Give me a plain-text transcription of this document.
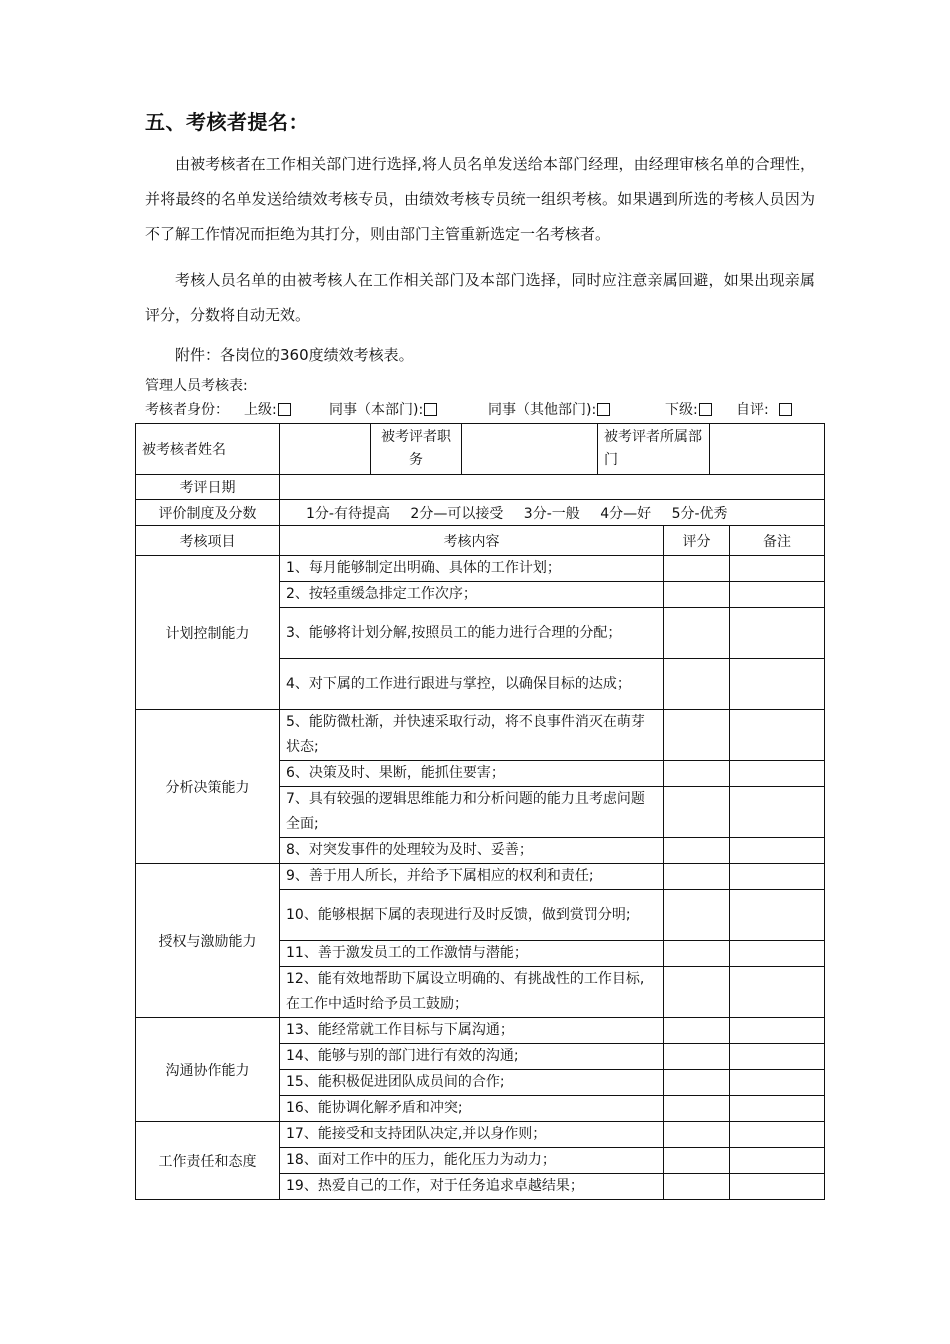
五、考核者提名：
由被考核者在工作相关部门进行选择,将人员名单发送给本部门经理，由经理审核名单的合理性，并将最终的名单发送给绩效考核专员，由绩效考核专员统一组织考核。如果遇到所选的考核人员因为不了解工作情况而拒绝为其打分，则由部门主管重新选定一名考核者。
考核人员名单的由被考核人在工作相关部门及本部门选择，同时应注意亲属回避，如果出现亲属评分，分数将自动无效。
附件：各岗位的360度绩效考核表。
管理人员考核表:
考核者身份： 上级:	同事（本部门):	同事（其他部门):	下级:	自评:
被考核者姓名		被考评者职务		被考评者所属部门			
考评日期							
评价制度及分数	1分-有待提高 2分—可以接受 3分-一般 4分—好 5分-优秀						
考核项目	考核内容				评分		备注
计划控制能力	1、每月能够制定出明确、具体的工作计划；						
	2、按轻重缓急排定工作次序；						
	3、能够将计划分解,按照员工的能力进行合理的分配；						
	4、对下属的工作进行跟进与掌控，以确保目标的达成；						
分析决策能力	5、能防微杜渐，并快速采取行动，将不良事件消灭在萌芽状态;						
	6、决策及时、果断，能抓住要害；						
	7、具有较强的逻辑思维能力和分析问题的能力且考虑问题全面;						
	8、对突发事件的处理较为及时、妥善；						
授权与激励能力	9、善于用人所长，并给予下属相应的权利和责任;						
	10、能够根据下属的表现进行及时反馈，做到赏罚分明;						
	11、善于激发员工的工作激情与潜能；						
	12、能有效地帮助下属设立明确的、有挑战性的工作目标,在工作中适时给予员工鼓励；						
沟通协作能力	13、能经常就工作目标与下属沟通；						
	14、能够与别的部门进行有效的沟通;						
	15、能积极促进团队成员间的合作;						
	16、能协调化解矛盾和冲突;						
工作责任和态度	17、能接受和支持团队决定,并以身作则；						
	18、面对工作中的压力，能化压力为动力；						
	19、热爱自己的工作，对于任务追求卓越结果；						
